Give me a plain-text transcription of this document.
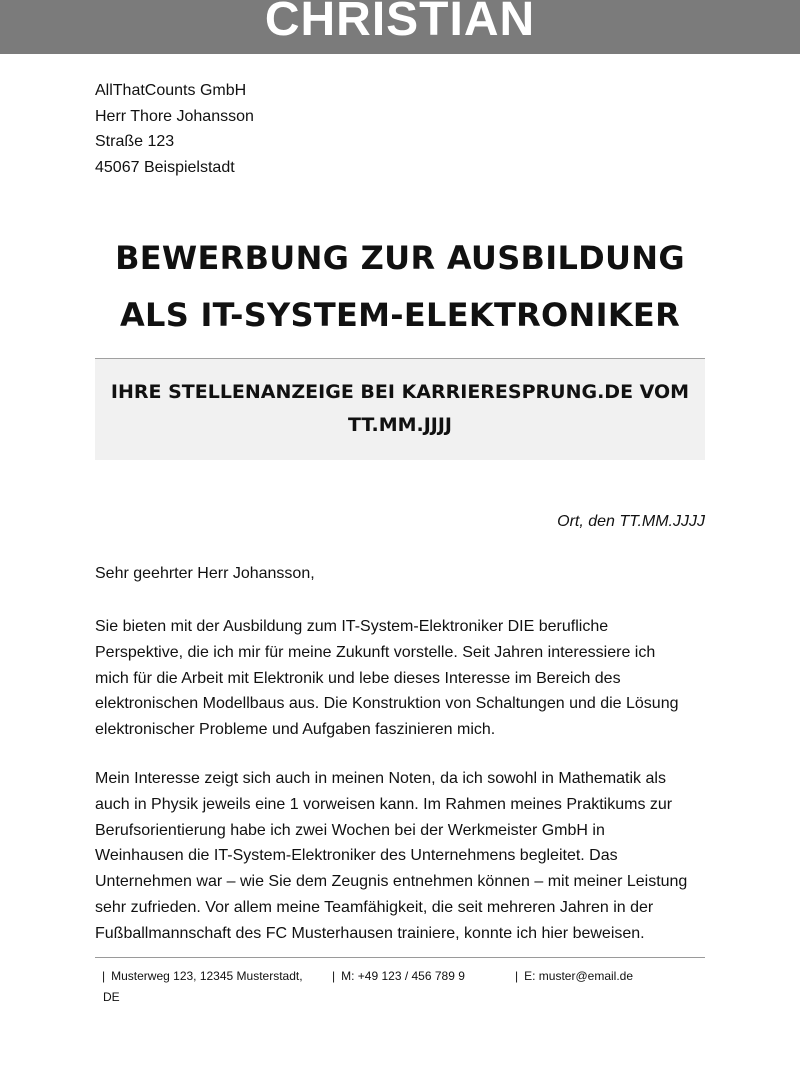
CHRISTIAN
AllThatCounts GmbH
Herr Thore Johansson
Straße 123
45067 Beispielstadt
BEWERBUNG ZUR AUSBILDUNG
ALS IT-SYSTEM-ELEKTRONIKER
IHRE STELLENANZEIGE BEI KARRIERESPRUNG.DE VOM
TT.MM.JJJJ
Ort, den TT.MM.JJJJ
Sehr geehrter Herr Johansson,
Sie bieten mit der Ausbildung zum IT-System-Elektroniker DIE berufliche
Perspektive, die ich mir für meine Zukunft vorstelle. Seit Jahren interessiere ich
mich für die Arbeit mit Elektronik und lebe dieses Interesse im Bereich des
elektronischen Modellbaus aus. Die Konstruktion von Schaltungen und die Lösung
elektronischer Probleme und Aufgaben faszinieren mich.
Mein Interesse zeigt sich auch in meinen Noten, da ich sowohl in Mathematik als
auch in Physik jeweils eine 1 vorweisen kann. Im Rahmen meines Praktikums zur
Berufsorientierung habe ich zwei Wochen bei der Werkmeister GmbH in
Weinhausen die IT-System-Elektroniker des Unternehmens begleitet. Das
Unternehmen war – wie Sie dem Zeugnis entnehmen können – mit meiner Leistung
sehr zufrieden. Vor allem meine Teamfähigkeit, die seit mehreren Jahren in der
Fußballmannschaft des FC Musterhausen trainiere, konnte ich hier beweisen.
| Musterweg 123, 12345 Musterstadt, | M: +49 123 / 456 789 9	| E: muster@email.de
DE
